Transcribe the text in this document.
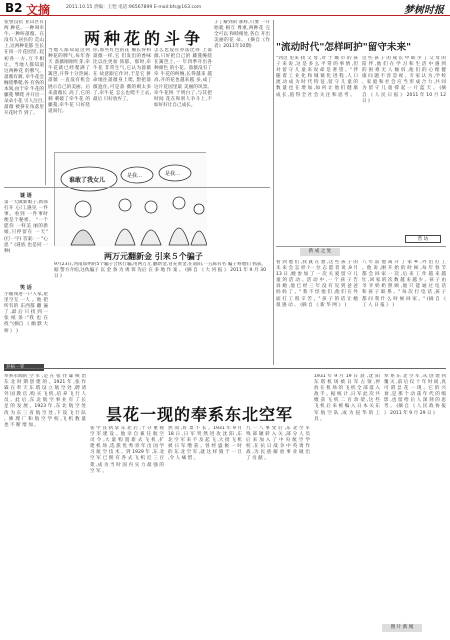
B2 文摘	2011.10.15 责编：王恺 电话:96567899 E-mail:bfs@163.com	梦树时报
两种花的斗争
张譬良抗 亚山区有两 种花。一种叫牵 牛,一种叫蔷薇。在没有人居住的 荒山上,这两种花都 生长在同一片花园里, 起初各一方,互不相让。当地人都知道这两种花 的脾气。蔷薇有刺, 牵牛花会缠绕攀爬,各 有各的本领,由于牵 牛花的藤蔓 攀爬 并开出一朵朵小花 引人注目,蔷薇 被挤在角落里 开花时节 到了。
当地人都知道这两 种花的脾气,每年春天 蔷薇刚刚吐芽,牵牛花就已经爬满了 篱笆,开得十分热闹,蔷薇 一直没有机会 展示自己的美丽。后来蔷薇长 高了,它的刺 刺破了牵牛花 的藤蔓,牵牛花 只好绕道而行。
你,那些红色的花 瓣长得和蔷薇一样,它 们发出的香味 比以往更加 浓郁。那时,牵牛花 非常生气,它认为蔷薇在 故意跟它作对,于是它 拼命地往蔷薇身上爬, 想把蔷薇遮住,可是蔷 薇的刺太多了,牵牛花 怎么也爬不上去,最后 只好放弃了。
怎么也没有办法比得 上蔷薇,只好把自己的 藤蔓缠绕在篱笆上,一 年四季开出各种颜色 的小花。蔷薇没有了牵 牛花的纠缠,长得越来 越高,开的花也越来越 多,成了这片花园里最 美丽的风景。牵牛花终 于明白了,与其把时间 花在和别人争斗上,不 如好好让自己成长。
子了解到的 那样,只要 一开始就 相互 尊重,两种花 完全可以 和睦相处,各自 开出美丽的花 朵。 (摘自《作 者》2011年10期)
谁敢了我女儿
是我…	是我…
两万元翻新金 引来５个骗子
9月23日,河南郑州的5个骗子合伙行骗,用两万元 翻新金,冒充黄金,在南阳,一五陈有名 骗子将他们 抓获。据 警方介绍,这伙骗子 以 金 条 为 诱 饵 先后 在 多 地 作 案 。 (摘 自 《 大 河 报 》 2011 年 9 月 30 日 )
谜 语
第一天做新娘子,新郎打开 心门,遇见 一件事。看到 一件事时 便是个秘密。 "一个愿你 一样美 丽的新娘,只停留在 一天" (打一字) 答案: 一 "心 思 " (谜底 也是同 一 种)
笑 话
小偷闯进一户人家,屋 里空无 一人 。他 把所有的 东西都 翻 遍 了 ,最 后 只 找 到 一 张 纸 条 :"我 也 在 找 "(摘自 《 幽 默 大 师 》 )
开拓一笑
"流动时代"怎样呵护"留守未来"
"到这 里来 找 父 母 ,对 于 城 市 的 孩 子 来 说 ,这 是 多 么 平 常 的 事 情 ,但 对 留 守 儿 童 来 说 却 是 奢 望 。" 伴 随 着 工 业 化 和 城 镇 化 进 程 ,人 口 流 动 成 为 时 代 特 征 ,留 守 儿 童 的 数 量 也 在 增 加 ,如 何 让 他 们 健 康 成 长 ,值 得 全 社 会 关 注 和 思 考 。
这 些 孩 子 的 成 长 中 缺 少 了 父 母 的 陪 伴 ,他 们 在 学 习 和 生 活 中 遇 到 的 困 难 无 人 倾 诉 ,他 们 的 心 理 健 康 问 题 不 容 忽 视 。专 家 认 为 ,学 校 、家 庭 和 社 会 应 当 形 成 合 力 ,共 同 为 留 守 儿 童 撑 起 一 片 蓝 天 。 (摘 自 《 人 民 日 报 》 2011 年 10 月 12 日 )
营 坊
新 成 之 处
看 到 他 们 ,我 就 在 想 ,这 些 孩 子 的 未 来 会 怎 样 ?一 位 志 愿 者 说 ,9 月 13 日 ,她 参 加 了 一 次 关 爱 留 守 儿 童 的 活 动 。活 动 中 ,一 个 孩 子 告 诉 她 ,他 已 经 三 年 没 有 见 到 爸 爸 妈 妈 了 。" 我 不 怪 他 们 ,他 们 在 外 面 打 工 很 辛 苦 。" 孩 子 的 话 让 她 很 感 动 。 (摘 自 《 新 华 网 》 )
八 年 前 他 离 开 了 家 乡 ,外 出 打 工 。他 说 ,刚 开 始 的 时 候 ,每 年 春 节 都 会 回 家 一 次 ,后 来 工 作 越 来 越 忙 ,回 家 的 次 数 越 来 越 少 。孩 子 由 爷 爷 奶 奶 照 顾 ,他 只 能 通 过 电 话 和 孩 子 联 系 。" 每 次 打 电 话 ,孩 子 都 问 我 什 么 时 候 回 家 。" (摘 自 《 工 人 日 报 》 )
昙花一现的奉系东北空军
奉系军阀的 空 军 ,是 在 张 作 霖 统 治 东 北 时 期 创 建 的 。1921 年 ,张 作 霖 在 奉 天 东 塔 设 立 航 空 处 ,聘 请 外 国 教 官 ,购 买 飞 机 ,培 养 飞 行 人 员 。此 后 ,东 北 航 空 事 业 有 了 长 足 的 发 展 。1923 年 ,东 北 航 空 处 改 为 东 三 省 航 空 处 ,下 设 飞 行 队 、修 理 厂 和 航 空 学 校 ,飞 机 数 量 也 不 断 增 加 。
张 学 良 执 掌 东 北 后 ,十 分 重 视 空 军 建 设 。他 亲 自 兼 任 航 空 司 令 ,大 量 购 置 新 式 飞 机 ,扩 建 机 场 ,选 派 优 秀 青 年 出 国 学 习 航 空 技 术 。到 1929 年 ,东 北 空 军 已 拥 有 各 式 飞 机 近 三 百 架 ,成 为 当 时 国 内 实 力 最 强 的 空 军 。
然 而 ,好 景 不 长 。1931 年 9 月 18 日 ,日 军 突 然 进 攻 沈 阳 ,东 北 空 军 来 不 及 起 飞 ,大 批 飞 机 被 日 军 缴 获 。曾 经 盛 极 一 时 的 东 北 空 军 ,就 这 样 毁 于 一 旦 ,令 人 痛 惜 。
九 一 八 事 变 后 ,东 北 空 军 残 部 辗 转 入 关 ,部 分 人 员 后 来 加 入 了 中 央 航 空 学 校 ,在 抗 日 战 争 中 英 勇 作 战 ,为 民 族 解 放 事 业 做 出 了 贡 献 。
1931 年 9 月 19 日 晨 ,沈 阳 东 塔 机 场 被 日 军 占 领 ,停 放 在 机 场 的 飞 机 全 部 落 入 敌 手 。据 统 计 ,日 军 此 次 共 缴 获 飞 机 二 百 余 架 ,这 些 飞 机 后 来 被 编 入 日 本 关 东 军 航 空 队 ,成 为 侵 华 的 工 具 。
奉 系 东 北 空 军 ,从 创 建 到 覆 灭 ,前 后 仅 十 年 时 间 ,真 可 谓 昙 花 一 现 。它 的 兴 衰 ,是 那 个 动 荡 年 代 的 缩 影 ,也 留 给 后 人 深 刻 的 思 考 。 (摘 自 《 人 民 政 协 报 》 2011 年 9 月 29 日 )
图 片 新 闻
